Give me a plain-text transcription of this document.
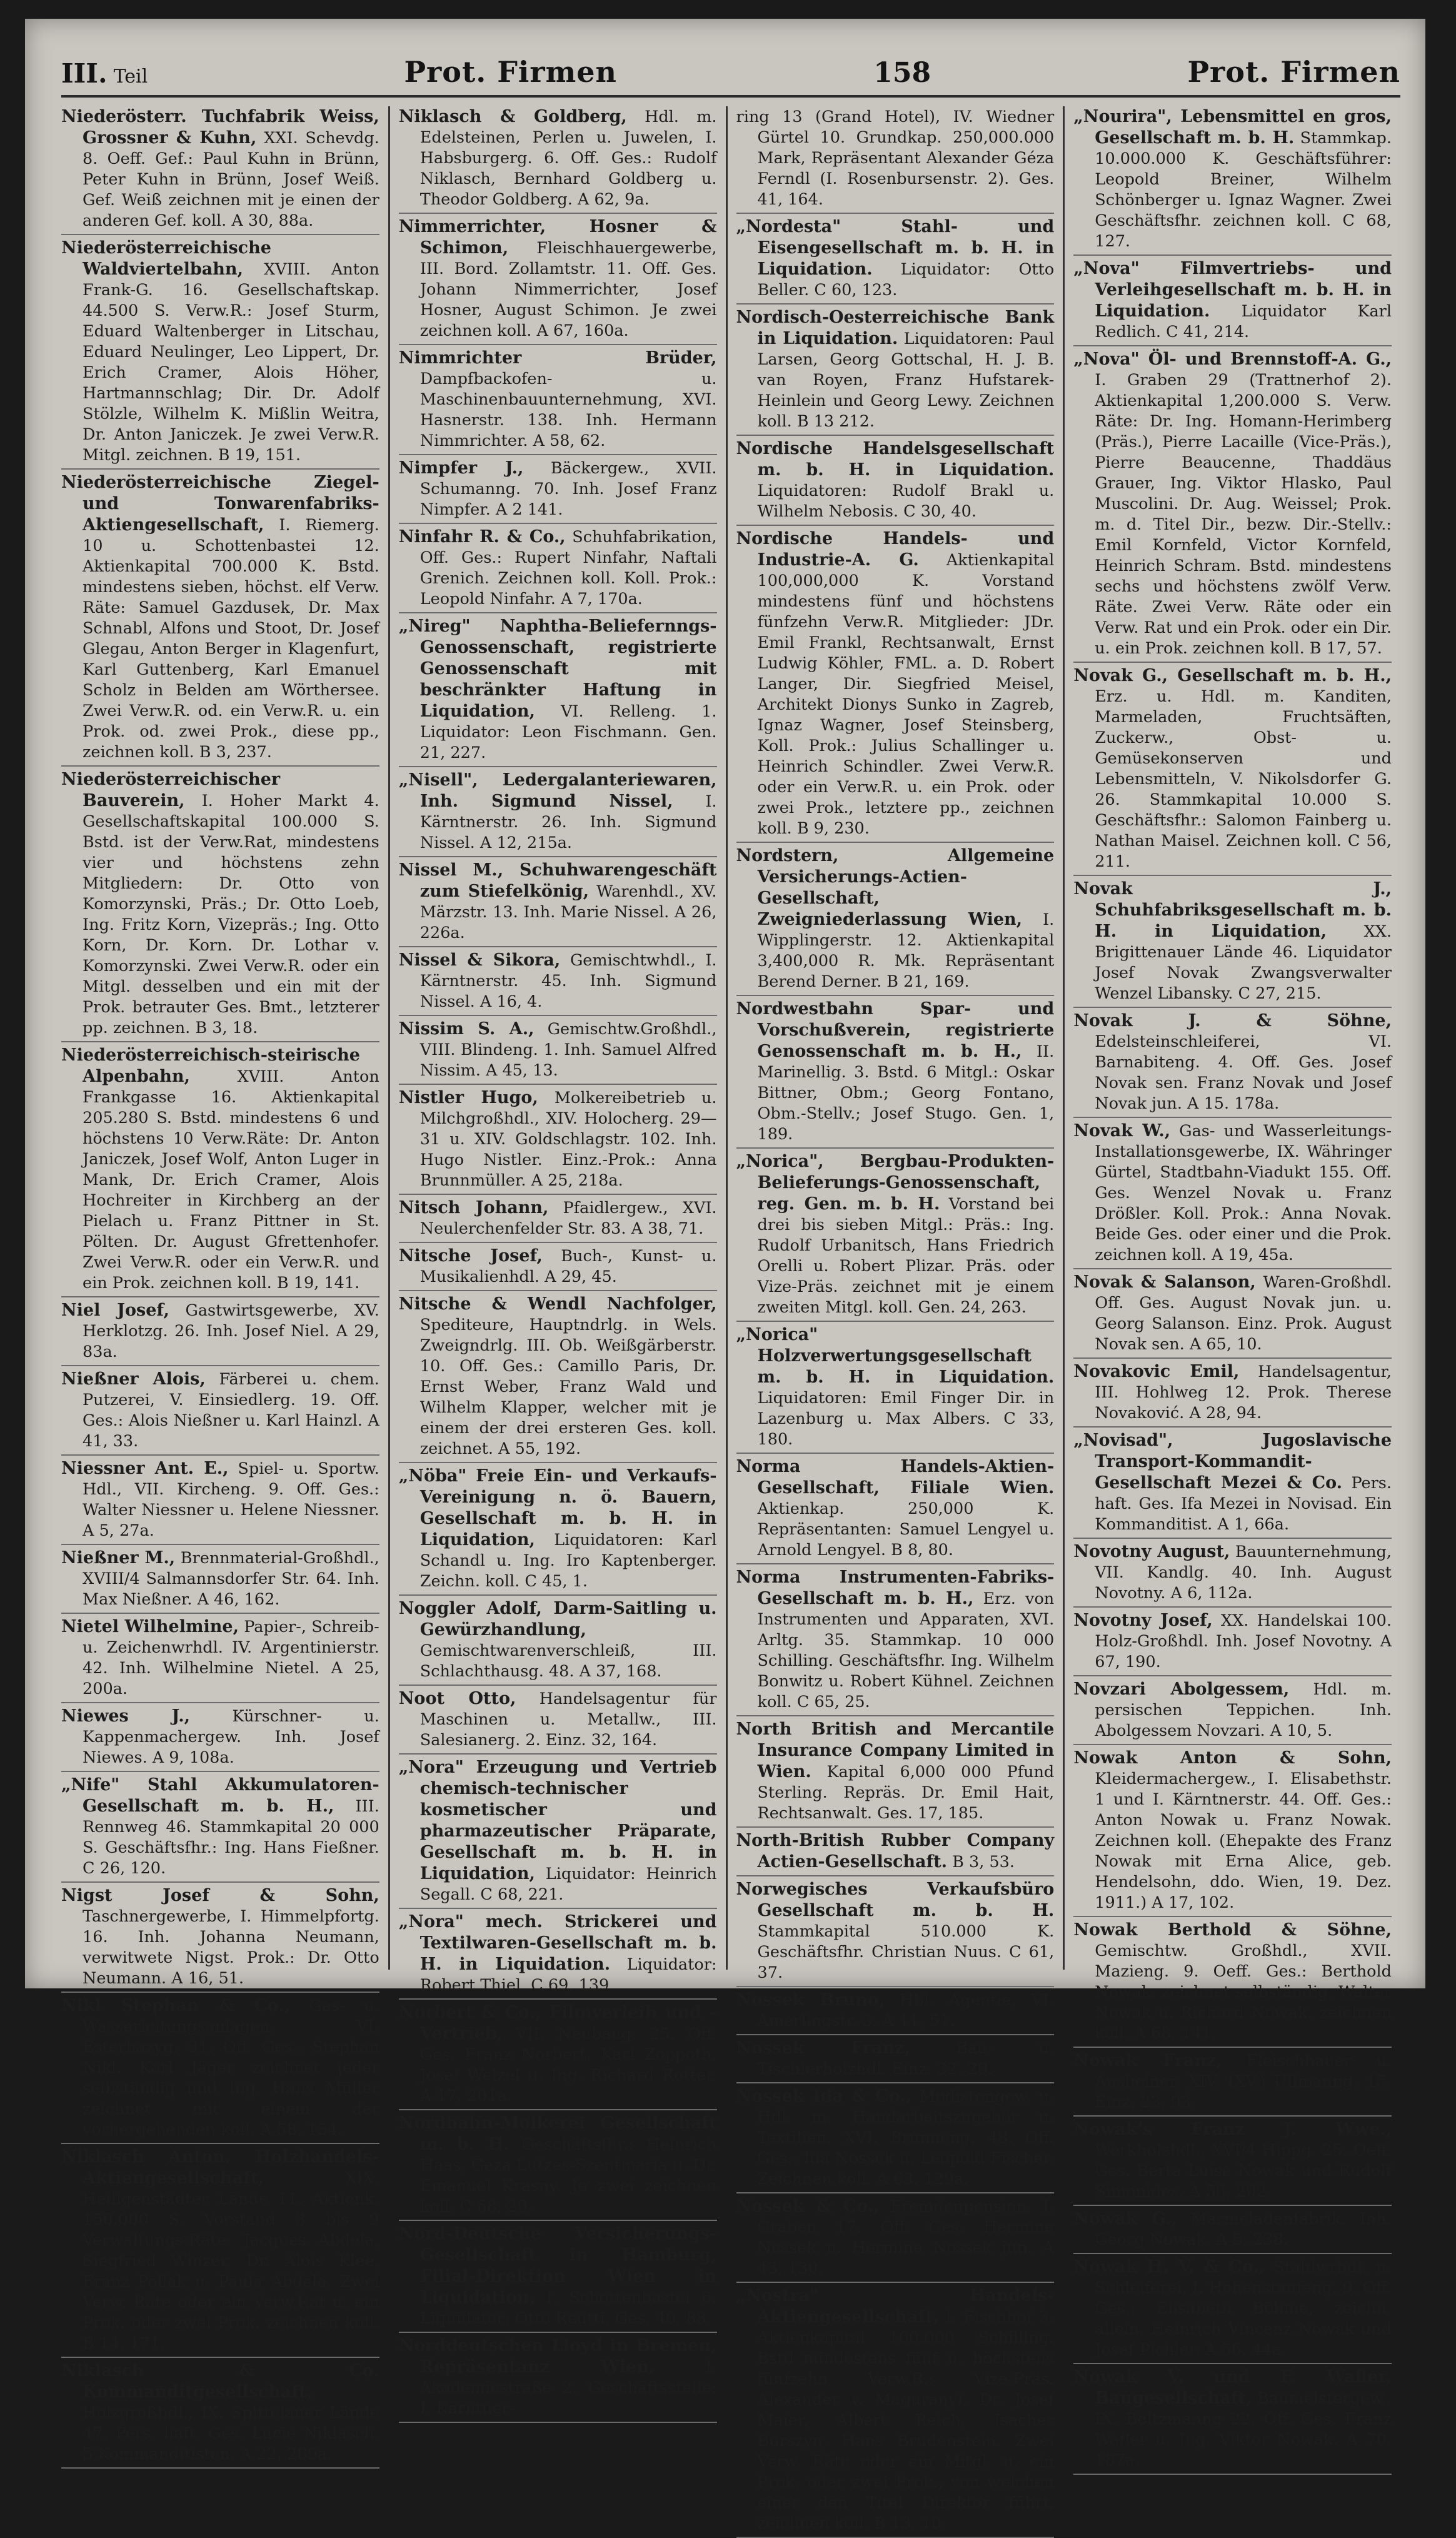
III. Teil	Prot. Firmen	158	Prot. Firmen
Niederösterr. Tuchfabrik Weiss, Grossner & Kuhn, XXI. Schevdg. 8. Oeff. Gef.: Paul Kuhn in Brünn, Peter Kuhn in Brünn, Josef Weiß. Gef. Weiß zeichnen mit je einen der anderen Gef. koll. A 30, 88a.
Niederösterreichische Waldviertelbahn, XVIII. Anton Frank-G. 16. Gesellschaftskap. 44.500 S. Verw.R.: Josef Sturm, Eduard Waltenberger in Litschau, Eduard Neulinger, Leo Lippert, Dr. Erich Cramer, Alois Höher, Hartmannschlag; Dir. Dr. Adolf Stölzle, Wilhelm K. Mißlin Weitra, Dr. Anton Janiczek. Je zwei Verw.R. Mitgl. zeichnen. B 19, 151.
Niederösterreichische Ziegel- und Tonwarenfabriks-Aktiengesellschaft, I. Riemerg. 10 u. Schottenbastei 12. Aktienkapital 700.000 K. Bstd. mindestens sieben, höchst. elf Verw. Räte: Samuel Gazdusek, Dr. Max Schnabl, Alfons und Stoot, Dr. Josef Glegau, Anton Berger in Klagenfurt, Karl Guttenberg, Karl Emanuel Scholz in Belden am Wörthersee. Zwei Verw.R. od. ein Verw.R. u. ein Prok. od. zwei Prok., diese pp., zeichnen koll. B 3, 237.
Niederösterreichischer Bauverein, I. Hoher Markt 4. Gesellschaftskapital 100.000 S. Bstd. ist der Verw.Rat, mindestens vier und höchstens zehn Mitgliedern: Dr. Otto von Komorzynski, Präs.; Dr. Otto Loeb, Ing. Fritz Korn, Vizepräs.; Ing. Otto Korn, Dr. Korn. Dr. Lothar v. Komorzynski. Zwei Verw.R. oder ein Mitgl. desselben und ein mit der Prok. betrauter Ges. Bmt., letzterer pp. zeichnen. B 3, 18.
Niederösterreichisch-steirische Alpenbahn,	XVIII. Anton Frankgasse 16. Aktienkapital 205.280 S. Bstd. mindestens 6 und höchstens 10 Verw.Räte: Dr. Anton Janiczek, Josef Wolf, Anton Luger in Mank, Dr. Erich Cramer, Alois Hochreiter in Kirchberg an der Pielach u. Franz Pittner in St. Pölten. Dr. August Gfrettenhofer. Zwei Verw.R. oder ein Verw.R. und ein Prok. zeichnen koll. B 19, 141.
Niel Josef, Gastwirtsgewerbe, XV. Herklotzg. 26. Inh. Josef Niel. A 29, 83a.
Nießner Alois, Färberei u. chem. Putzerei, V. Einsiedlerg. 19. Off. Ges.: Alois Nießner u. Karl Hainzl. A 41, 33.
Niessner Ant. E., Spiel- u. Sportw. Hdl., VII. Kircheng. 9. Off. Ges.: Walter Niessner u. Helene Niessner. A 5, 27a.
Nießner M., Brennmaterial-Großhdl., XVIII/4 Salmannsdorfer Str. 64. Inh. Max Nießner. A 46, 162.
Nietel Wilhelmine, Papier-, Schreib- u. Zeichenwrhdl. IV. Argentinierstr. 42. Inh. Wilhelmine Nietel. A 25, 200a.
Niewes J.,	Kürschner- u. Kappenmachergew. Inh. Josef Niewes. A 9, 108a.
„Nife" Stahl Akkumulatoren-Gesellschaft m. b. H., III. Rennweg 46. Stammkapital 20 000 S. Geschäftsfhr.: Ing. Hans Fießner. C 26, 120.
Nigst Josef & Sohn, Taschnergewerbe, I. Himmelpfortg. 16. Inh. Johanna Neumann, verwitwete Nigst. Prok.: Dr. Otto Neumann. A 16, 51.
Nikl Stephan & Co., Gas- u. Wasserleitungsanlagen, VI. Esterhazyg. 31. Off. Ges.: Stephan Nikl, Karl Jäger zeichnet jeder selbständig und Ing. Hans Müller zeichnet mit einem der vorhergehenden koll. A 58, 154.
Niklasch Anton, Holzhandels-Aktiengesellschaft,	XIX. Heiligenstädter Lände 11. Aktienk. 150.000 S. Vorstand 3 bis 9 Verwaltungs-Räte: Jacques Abdela, Siegfried Winzer, Dr. Alois Klee, Franz Pollak u. Paula Abdela. Zwei Verw. Räte oder ein Verw.Rat u. ein Prok. oder zwei Prok. zeichnen koll. B 14, 171.
Niklasch & Co. Kommanditgesellschaft, Holzgroßhdl., IX. Spittelauer Lände 47. Pers. haft. Ges. Lucie Niklasch. 5 Kommanditisten. A 22, 289a.
Niklasch & Goldberg, Hdl. m. Edelsteinen, Perlen u. Juwelen, I. Habsburgerg. 6. Off. Ges.: Rudolf Niklasch, Bernhard Goldberg u. Theodor Goldberg. A 62, 9a.
Nimmerrichter, Hosner & Schimon, Fleischhauergewerbe, III. Bord. Zollamtstr. 11. Off. Ges. Johann Nimmerrichter, Josef Hosner, August Schimon. Je zwei zeichnen koll. A 67, 160a.
Nimmrichter Brüder, Dampfbackofen- u. Maschinenbauunternehmung, XVI. Hasnerstr. 138. Inh. Hermann Nimmrichter. A 58, 62.
Nimpfer J., Bäckergew., XVII. Schumanng. 70. Inh. Josef Franz Nimpfer. A 2 141.
Ninfahr R. & Co., Schuhfabrikation, Off. Ges.: Rupert Ninfahr, Naftali Grenich. Zeichnen koll. Koll. Prok.: Leopold Ninfahr. A 7, 170a.
„Nireg" Naphtha-Beliefernngs-Genossenschaft, registrierte Genossenschaft mit beschränkter Haftung in Liquidation, VI. Relleng. 1. Liquidator: Leon Fischmann. Gen. 21, 227.
„Nisell", Ledergalanteriewaren, Inh. Sigmund Nissel, I. Kärntnerstr. 26. Inh. Sigmund Nissel. A 12, 215a.
Nissel M., Schuhwarengeschäft zum Stiefelkönig, Warenhdl., XV. Märzstr. 13. Inh. Marie Nissel. A 26, 226a.
Nissel & Sikora, Gemischtwhdl., I. Kärntnerstr. 45. Inh. Sigmund Nissel. A 16, 4.
Nissim S. A., Gemischtw.Großhdl., VIII. Blindeng. 1. Inh. Samuel Alfred Nissim. A 45, 13.
Nistler Hugo, Molkereibetrieb u. Milchgroßhdl., XIV. Holocherg. 29—31 u. XIV. Goldschlagstr. 102. Inh. Hugo Nistler. Einz.-Prok.: Anna Brunnmüller. A 25, 218a.
Nitsch Johann, Pfaidlergew., XVI. Neulerchenfelder Str. 83. A 38, 71.
Nitsche Josef, Buch-, Kunst- u. Musikalienhdl. A 29, 45.
Nitsche & Wendl Nachfolger, Spediteure, Hauptndrlg. in Wels. Zweigndrlg. III. Ob. Weißgärberstr. 10. Off. Ges.: Camillo Paris, Dr. Ernst Weber, Franz Wald und Wilhelm Klapper, welcher mit je einem der drei ersteren Ges. koll. zeichnet. A 55, 192.
„Nöba" Freie Ein- und Verkaufs-Vereinigung n. ö. Bauern, Gesellschaft m. b. H. in Liquidation, Liquidatoren: Karl Schandl u. Ing. Iro Kaptenberger. Zeichn. koll. C 45, 1.
Noggler Adolf, Darm-Saitling u. Gewürzhandlung, Gemischtwarenverschleiß, III. Schlachthausg. 48. A 37, 168.
Noot Otto, Handelsagentur für Maschinen u. Metallw., III. Salesianerg. 2. Einz. 32, 164.
„Nora" Erzeugung und Vertrieb chemisch-technischer kosmetischer und pharmazeutischer Präparate, Gesellschaft m. b. H. in Liquidation, Liquidator: Heinrich Segall. C 68, 221.
„Nora" mech. Strickerei und Textilwaren-Gesellschaft m. b. H. in Liquidation. Liquidator: Robert Thiel. C 69, 139.
Norbert & Co., Filmverleih und -Vertrieb, VII. Neubaug. 25. Off. Ges. Franz Norbert, Karl Zoppoth, Josef Welzel u. Ing. Richard Rotter. A 17, 201a.
Nordbahn-Molkerei Gesellschaft m. b. H. Geschäftsfhr.: Heinrich Haas, Geza Lutzes-Szentmaria u. Dr. Emanuel Krasny. Je zwei zeichnen koll. C 68, 29.
Nord-Deutsche Versicherungs-Gesellschaft in Hamburg, Filial-Direktion Wien in Liquidation, I. Schottenbastei 6. Liquidator: Otto Reutti, Ges. 40, 88.
Norddeutschen Lloyd in Bremen, Repräsentanz Wien,	I. Akademiestraße 2. Geschäftsstelle: I. Kärntner-
ring 13 (Grand Hotel), IV. Wiedner Gürtel 10. Grundkap. 250,000.000 Mark, Repräsentant Alexander Géza Ferndl (I. Rosenbursenstr. 2). Ges. 41, 164.
„Nordesta" Stahl- und Eisengesellschaft m. b. H. in Liquidation. Liquidator: Otto Beller. C 60, 123.
Nordisch-Oesterreichische Bank in Liquidation. Liquidatoren: Paul Larsen, Georg Gottschal, H. J. B. van Royen, Franz Hufstarek-Heinlein und Georg Lewy. Zeichnen koll. B 13 212.
Nordische Handelsgesellschaft m. b. H. in Liquidation. Liquidatoren: Rudolf Brakl u. Wilhelm Nebosis. C 30, 40.
Nordische Handels- und Industrie-A. G. Aktienkapital 100,000,000 K. Vorstand mindestens fünf und höchstens fünfzehn Verw.R. Mitglieder: JDr. Emil Frankl, Rechtsanwalt, Ernst Ludwig Köhler, FML. a. D. Robert Langer, Dir. Siegfried Meisel, Architekt Dionys Sunko in Zagreb, Ignaz Wagner, Josef Steinsberg, Koll. Prok.: Julius Schallinger u. Heinrich Schindler. Zwei Verw.R. oder ein Verw.R. u. ein Prok. oder zwei Prok., letztere pp., zeichnen koll. B 9, 230.
Nordstern, Allgemeine Versicherungs-Actien-Gesellschaft, Zweigniederlassung Wien, I. Wipplingerstr. 12. Aktienkapital 3,400,000 R. Mk. Repräsentant Berend Derner. B 21, 169.
Nordwestbahn Spar- und Vorschußverein, registrierte Genossenschaft m. b. H., II. Marinellig. 3. Bstd. 6 Mitgl.: Oskar Bittner, Obm.; Georg Fontano, Obm.-Stellv.; Josef Stugo. Gen. 1, 189.
„Norica", Bergbau-Produkten-Belieferungs-Genossenschaft, reg. Gen. m. b. H. Vorstand bei drei bis sieben Mitgl.: Präs.: Ing. Rudolf Urbanitsch, Hans Friedrich Orelli u. Robert Plizar. Präs. oder Vize-Präs. zeichnet mit je einem zweiten Mitgl. koll. Gen. 24, 263.
„Norica" Holzverwertungsgesellschaft m. b. H. in Liquidation. Liquidatoren: Emil Finger Dir. in Lazenburg u. Max Albers. C 33, 180.
Norma Handels-Aktien-Gesellschaft, Filiale Wien. Aktienkap. 250,000 K. Repräsentanten: Samuel Lengyel u. Arnold Lengyel. B 8, 80.
Norma Instrumenten-Fabriks-Gesellschaft m. b. H., Erz. von Instrumenten und Apparaten, XVI. Arltg. 35. Stammkap. 10 000 Schilling. Geschäftsfhr. Ing. Wilhelm Bonwitz u. Robert Kühnel. Zeichnen koll. C 65, 25.
North British and Mercantile Insurance Company Limited in Wien. Kapital 6,000 000 Pfund Sterling. Repräs. Dr. Emil Hait, Rechtsanwalt. Ges. 17, 185.
North-British Rubber Company Actien-Gesellschaft. B 3, 53.
Norwegisches Verkaufsbüro Gesellschaft m. b. H. Stammkapital 510.000 K. Geschäftsfhr. Christian Nuus. C 61, 37.
Nossek Bruno, Hbl. Agentie, VI. Amerlingstr. 3. A 11, 51.
Nossek Franz,	Bau- u. Tischlerholzhdl. Einz. 32. 20.
Nossek Ida & Co., Modistengew. u. Hdl. m. Handarbeitszugehör u. Textilien, XVI. Brunneng. 48. Off. Ges.: Ida Nossek u. Leopold Fischer. Zeichnen koll. A 63, 129a.
Nossek & Co., Fremdenpension, I. Graben 17. Off. Ges. Hermine Nossek u. Hermine Nossek jun. A 43, 130.
„Nostra" Handels-Aktiengesellschaft, I. Fischhof 3. Aktienkapital 100.000 Schilling. Bstd mindestens fünf u. höchstens fünfzehn Verw.R.: Vize-Präs. Alexander v. Maguranyi, Dr. Josef Maier, Albert Reich, Isacher Burszyn, Hans Brudenstein. Zwei Verw. Räte oder ein Mitgl. u. ein Prok. oder zwei Prok., von welchen einer den Titel Direktor führt, zeichnen koll. B 13, 10.
„Nourira", Lebensmittel en gros, Gesellschaft m. b. H. Stammkap. 10.000.000 K. Geschäftsführer: Leopold Breiner, Wilhelm Schönberger u. Ignaz Wagner. Zwei Geschäftsfhr. zeichnen koll. C 68, 127.
„Nova" Filmvertriebs- und Verleihgesellschaft m. b. H. in Liquidation. Liquidator Karl Redlich. C 41, 214.
„Nova" Öl- und Brennstoff-A. G., I. Graben 29 (Trattnerhof 2). Aktienkapital 1,200.000 S. Verw. Räte: Dr. Ing. Homann-Herimberg (Präs.), Pierre Lacaille (Vice-Präs.), Pierre Beaucenne, Thaddäus Grauer, Ing. Viktor Hlasko, Paul Muscolini. Dr. Aug. Weissel; Prok. m. d. Titel Dir., bezw. Dir.-Stellv.: Emil Kornfeld, Victor Kornfeld, Heinrich Schram. Bstd. mindestens sechs und höchstens zwölf Verw. Räte. Zwei Verw. Räte oder ein Verw. Rat und ein Prok. oder ein Dir. u. ein Prok. zeichnen koll. B 17, 57.
Novak G., Gesellschaft m. b. H., Erz. u. Hdl. m. Kanditen, Marmeladen, Fruchtsäften, Zuckerw., Obst- u. Gemüsekonserven und Lebensmitteln, V. Nikolsdorfer G. 26. Stammkapital 10.000 S. Geschäftsfhr.: Salomon Fainberg u. Nathan Maisel. Zeichnen koll. C 56, 211.
Novak J., Schuhfabriksgesellschaft m. b. H. in Liquidation, XX. Brigittenauer Lände 46. Liquidator Josef Novak Zwangsverwalter Wenzel Libansky. C 27, 215.
Novak J. & Söhne, Edelsteinschleiferei, VI. Barnabiteng. 4. Off. Ges. Josef Novak sen. Franz Novak und Josef Novak jun. A 15. 178a.
Novak W., Gas- und Wasserleitungs-Installationsgewerbe, IX. Währinger Gürtel, Stadtbahn-Viadukt 155. Off. Ges. Wenzel Novak u. Franz Drößler. Koll. Prok.: Anna Novak. Beide Ges. oder einer und die Prok. zeichnen koll. A 19, 45a.
Novak & Salanson, Waren-Großhdl. Off. Ges. August Novak jun. u. Georg Salanson. Einz. Prok. August Novak sen. A 65, 10.
Novakovic Emil, Handelsagentur, III. Hohlweg 12. Prok. Therese Novaković. A 28, 94.
„Novisad", Jugoslavische Transport-Kommandit-Gesellschaft Mezei & Co. Pers. haft. Ges. Ifa Mezei in Novisad. Ein Kommanditist. A 1, 66a.
Novotny August, Bauunternehmung, VII. Kandlg. 40. Inh. August Novotny. A 6, 112a.
Novotny Josef, XX. Handelskai 100. Holz-Großhdl. Inh. Josef Novotny. A 67, 190.
Novzari Abolgessem, Hdl. m. persischen Teppichen. Inh. Abolgessem Novzari. A 10, 5.
Nowak Anton & Sohn, Kleidermachergew., I. Elisabethstr. 1 und I. Kärntnerstr. 44. Off. Ges.: Anton Nowak u. Franz Nowak. Zeichnen koll. (Ehepakte des Franz Nowak mit Erna Alice, geb. Hendelsohn, ddo. Wien, 19. Dez. 1911.) A 17, 102.
Nowak Berthold & Söhne, Gemischtw. Großhdl., XVII. Mazieng. 9. Oeff. Ges.: Berthold Nowak, zeichnet selbständig. Walter Nowak u. Richard Nowak, zeichnen koll. A 68, 141.
Nowak Franz, Fleischhauer u. Ausbeiner, XIV. (XV.) Ullmanng. 15. Einz. 23, 93.
Nowak's Franz J. Wwe., Werkholzhdl., XVI/4 Hippg. 25. Oeff. Ges. Berta Luise Nowak und Rudolf Simonides. A 56, 202.
Nowak G., Marmeladenfabrik. Inh. Georg Nowak. A 5, 238.
Nowak H. V. & Co., Stahlwrhdl. u. Schleiferei, I. Hohenstaufeng. 9. Off. Ges.: Elisabeth Böhme, zeichn. allein, Heinrich Vincenz Nowak und Josef Pichler. A 56, 44a.
Nowak V. und F. Wafler, Baugesellschaft, Baumeistergew., IX. Boltzmanng 22. Off. Ges. Franz Wafler u. Ing. Viktor Nowak. A 70, 187a.
